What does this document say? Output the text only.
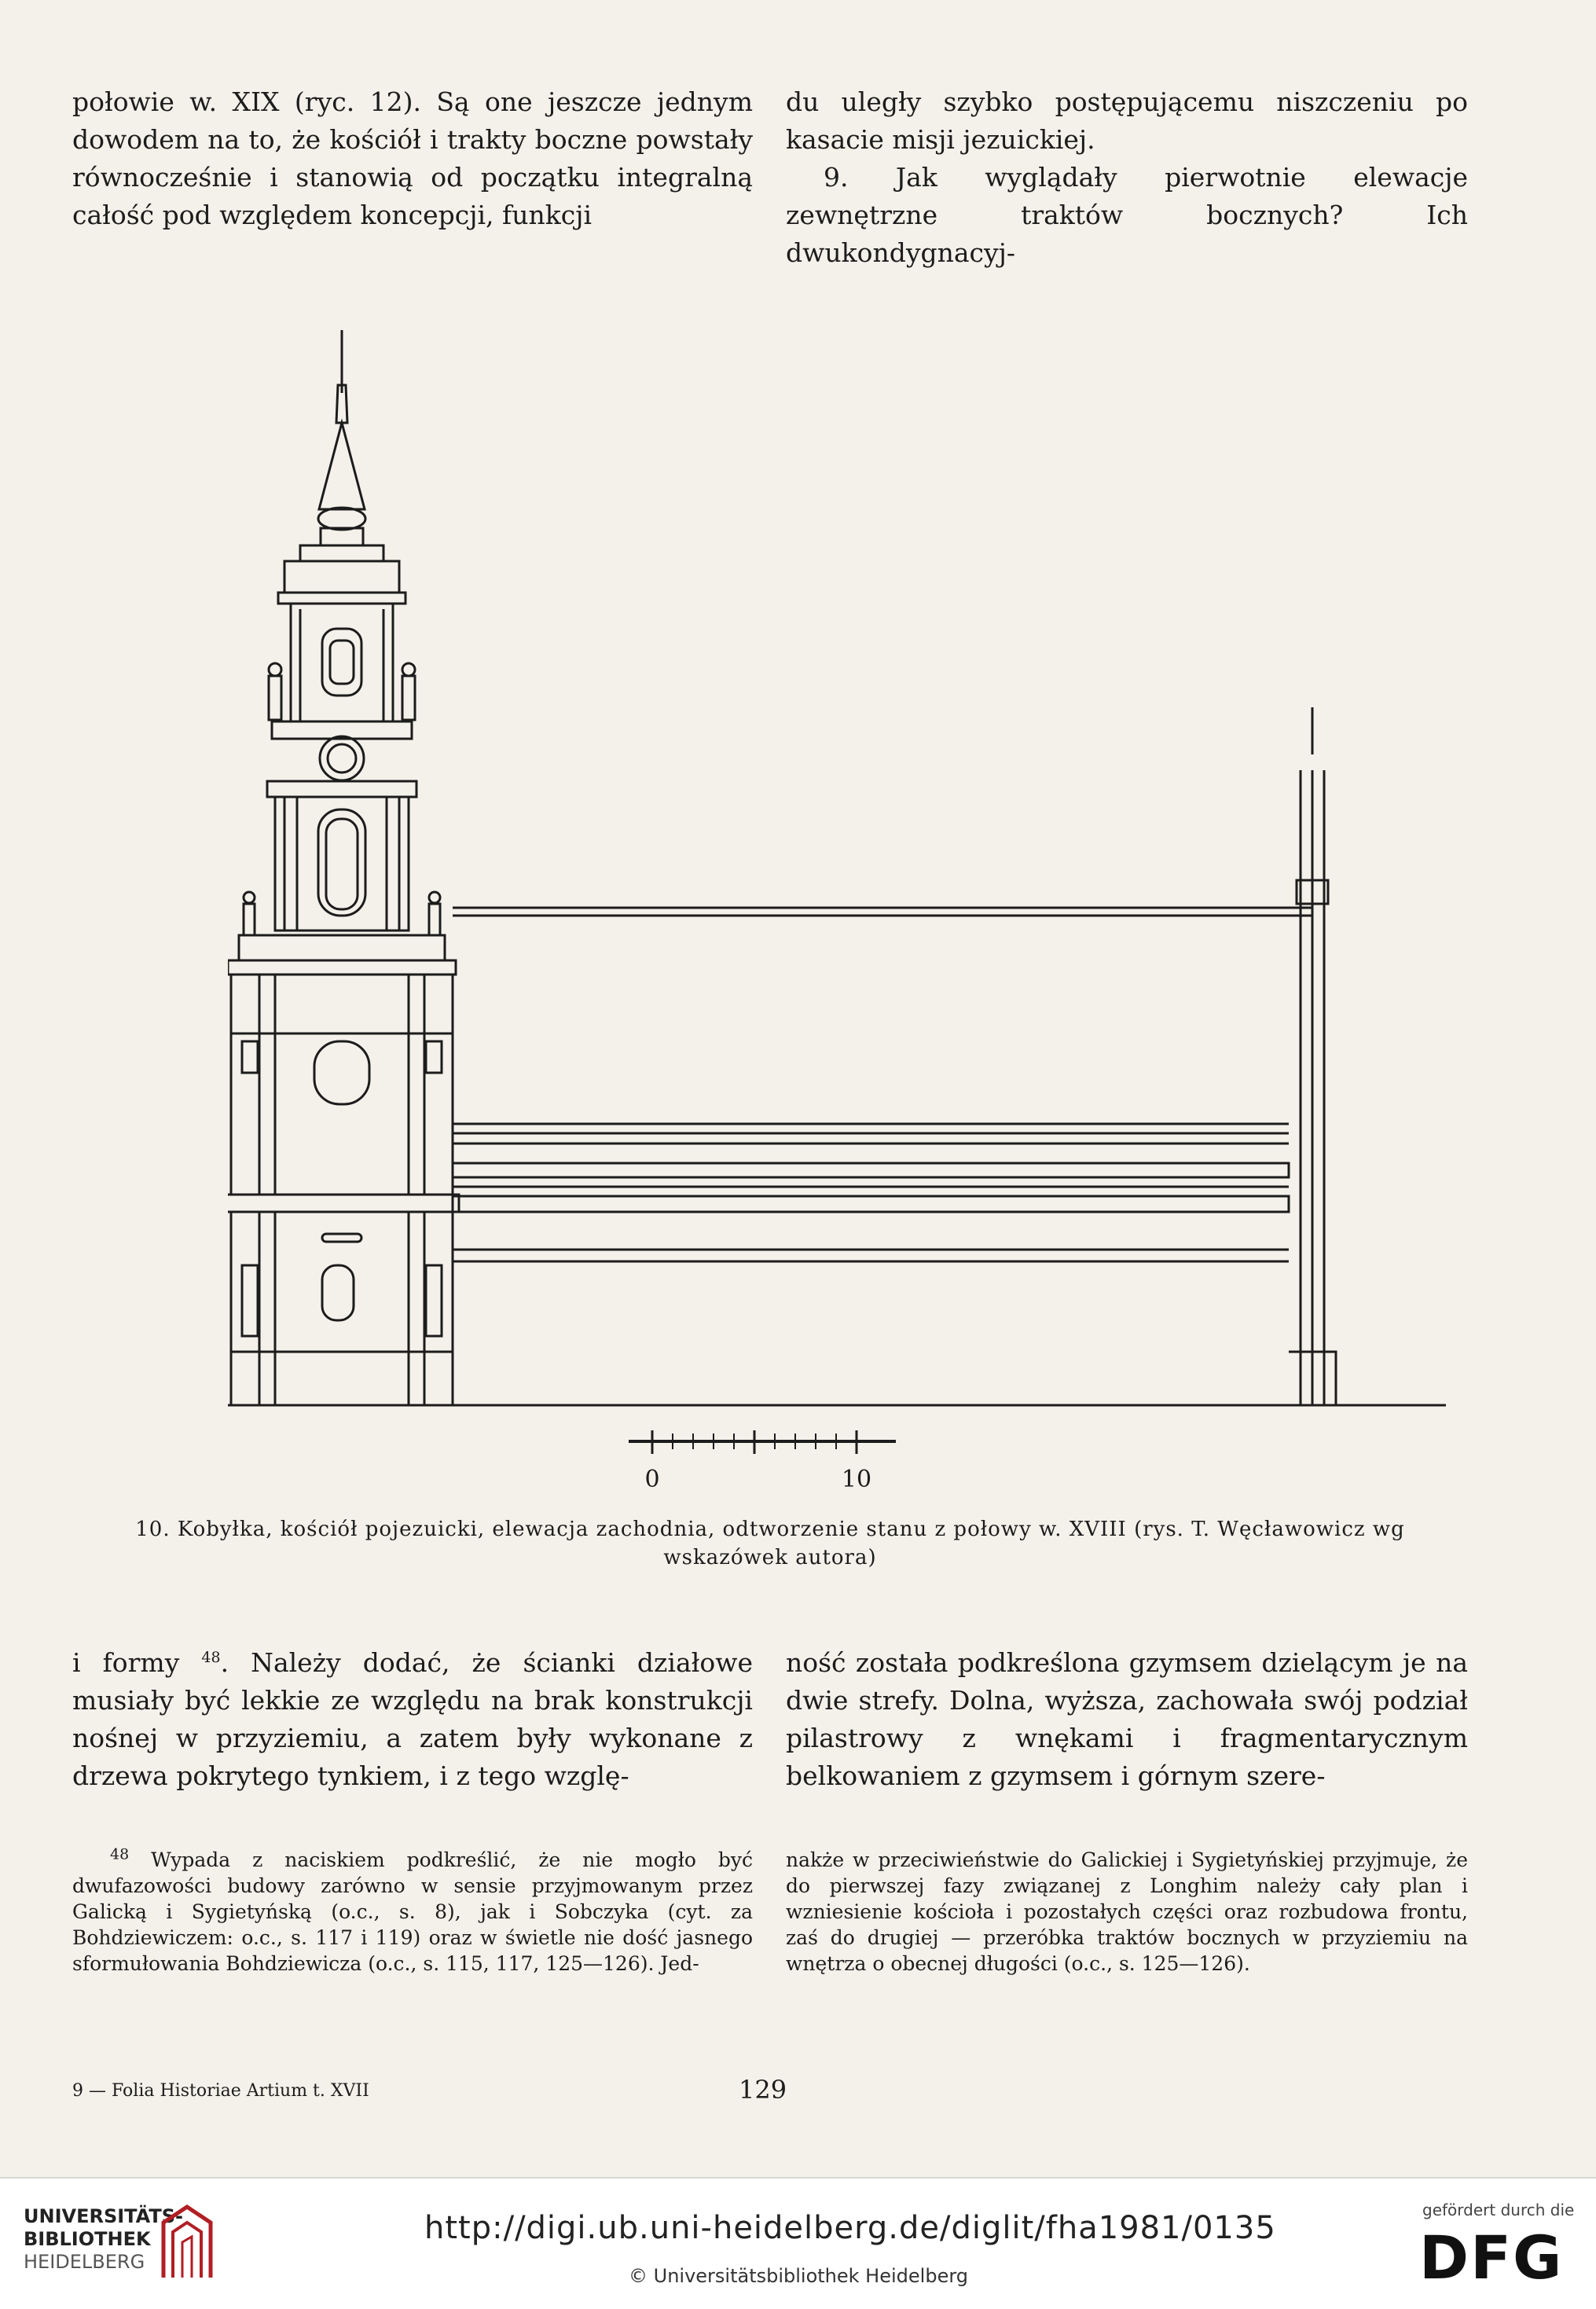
połowie w. XIX (ryc. 12). Są one jeszcze jednym dowodem na to, że kościół i trakty boczne powstały równocześnie i stanowią od początku integralną całość pod względem koncepcji, funkcji

du uległy szybko postępującemu niszczeniu po kasacie misji jezuickiej.

9. Jak wyglądały pierwotnie elewacje zewnętrzne traktów bocznych? Ich dwukondygnacyj-

0	10
10. Kobyłka, kościół pojezuicki, elewacja zachodnia, odtworzenie stanu z połowy w. XVIII (rys. T. Węcławowicz wg wskazówek autora)

i formy $^{48}$. Należy dodać, że ścianki działowe musiały być lekkie ze względu na brak konstrukcji nośnej w przyziemiu, a zatem były wykonane z drzewa pokrytego tynkiem, i z tego wzglę-

ność została podkreślona gzymsem dzielącym je na dwie strefy. Dolna, wyższa, zachowała swój podział pilastrowy z wnękami i fragmentarycznym belkowaniem z gzymsem i górnym szere-

$^{48}$ Wypada z naciskiem podkreślić, że nie mogło być dwufazowości budowy zarówno w sensie przyjmowanym przez Galicką i Sygietyńską (o.c., s. 8), jak i Sobczyka (cyt. za Bohdziewiczem: o.c., s. 117 i 119) oraz w świetle nie dość jasnego sformułowania Bohdziewicza (o.c., s. 115, 117, 125—126). Jed-

nakże w przeciwieństwie do Galickiej i Sygietyńskiej przyjmuje, że do pierwszej fazy związanej z Longhim należy cały plan i wzniesienie kościoła i pozostałych części oraz rozbudowa frontu, zaś do drugiej — przeróbka traktów bocznych w przyziemiu na wnętrza o obecnej długości (o.c., s. 125—126).

9 — Folia Historiae Artium t. XVII	129
UNIVERSITÄTS-
BIBLIOTHEK
HEIDELBERG
http://digi.ub.uni-heidelberg.de/diglit/fha1981/0135
© Universitätsbibliothek Heidelberg
gefördert durch die
DFG
